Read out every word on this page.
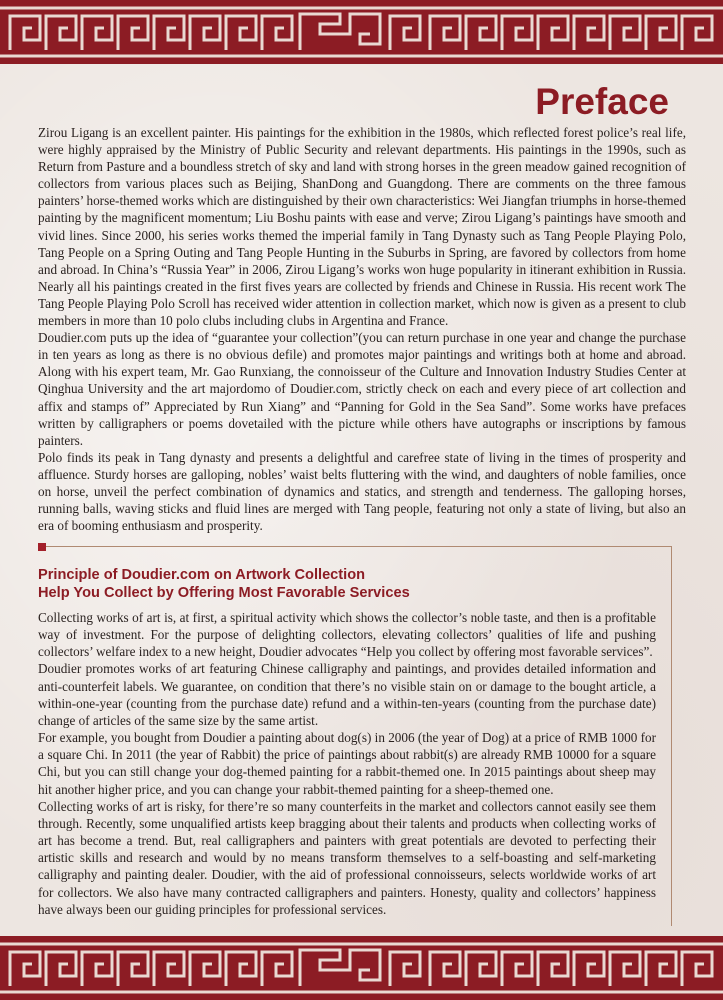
Preface

Zirou Ligang is an excellent painter. His paintings for the exhibition in the 1980s, which reflected forest police’s real life, were highly appraised by the Ministry of Public Security and relevant departments. His paintings in the 1990s, such as Return from Pasture and a boundless stretch of sky and land with strong horses in the green meadow gained recognition of collectors from various places such as Beijing, ShanDong and Guangdong. There are comments on the three famous painters’ horse-themed works which are distinguished by their own characteristics: Wei Jiangfan triumphs in horse-themed painting by the magnificent momentum; Liu Boshu paints with ease and verve; Zirou Ligang’s paintings have smooth and vivid lines. Since 2000, his series works themed the imperial family in Tang Dynasty such as Tang People Playing Polo, Tang People on a Spring Outing and Tang People Hunting in the Suburbs in Spring, are favored by collectors from home and abroad. In China’s “Russia Year” in 2006, Zirou Ligang’s works won huge popularity in itinerant exhibition in Russia. Nearly all his paintings created in the first fives years are collected by friends and Chinese in Russia. His recent work The Tang People Playing Polo Scroll has received wider attention in collection market, which now is given as a present to club members in more than 10 polo clubs including clubs in Argentina and France.

Doudier.com puts up the idea of “guarantee your collection”(you can return purchase in one year and change the purchase in ten years as long as there is no obvious defile) and promotes major paintings and writings both at home and abroad. Along with his expert team, Mr. Gao Runxiang, the connoisseur of the Culture and Innovation Industry Studies Center at Qinghua University and the art majordomo of Doudier.com, strictly check on each and every piece of art collection and affix and stamps of” Appreciated by Run Xiang” and “Panning for Gold in the Sea Sand”. Some works have prefaces written by calligraphers or poems dovetailed with the picture while others have autographs or inscriptions by famous painters.

Polo finds its peak in Tang dynasty and presents a delightful and carefree state of living in the times of prosperity and affluence. Sturdy horses are galloping, nobles’ waist belts fluttering with the wind, and daughters of noble families, once on horse, unveil the perfect combination of dynamics and statics, and strength and tenderness. The galloping horses, running balls, waving sticks and fluid lines are merged with Tang people, featuring not only a state of living, but also an era of booming enthusiasm and prosperity.

Principle of Doudier.com on Artwork Collection
Help You Collect by Offering Most Favorable Services

Collecting works of art is, at first, a spiritual activity which shows the collector’s noble taste, and then is a profitable way of investment. For the purpose of delighting collectors, elevating collectors’ qualities of life and pushing collectors’ welfare index to a new height, Doudier advocates “Help you collect by offering most favorable services”.

Doudier promotes works of art featuring Chinese calligraphy and paintings, and provides detailed information and anti-counterfeit labels. We guarantee, on condition that there’s no visible stain on or damage to the bought article, a within-one-year (counting from the purchase date) refund and a within-ten-years (counting from the purchase date) change of articles of the same size by the same artist.

For example, you bought from Doudier a painting about dog(s) in 2006 (the year of Dog) at a price of RMB 1000 for a square Chi. In 2011 (the year of Rabbit) the price of paintings about rabbit(s) are already RMB 10000 for a square Chi, but you can still change your dog-themed painting for a rabbit-themed one. In 2015 paintings about sheep may hit another higher price, and you can change your rabbit-themed painting for a sheep-themed one.

Collecting works of art is risky, for there’re so many counterfeits in the market and collectors cannot easily see them through. Recently, some unqualified artists keep bragging about their talents and products when collecting works of art has become a trend. But, real calligraphers and painters with great potentials are devoted to perfecting their artistic skills and research and would by no means transform themselves to a self-boasting and self-marketing calligraphy and painting dealer. Doudier, with the aid of professional connoisseurs, selects worldwide works of art for collectors. We also have many contracted calligraphers and painters. Honesty, quality and collectors’ happiness have always been our guiding principles for professional services.
